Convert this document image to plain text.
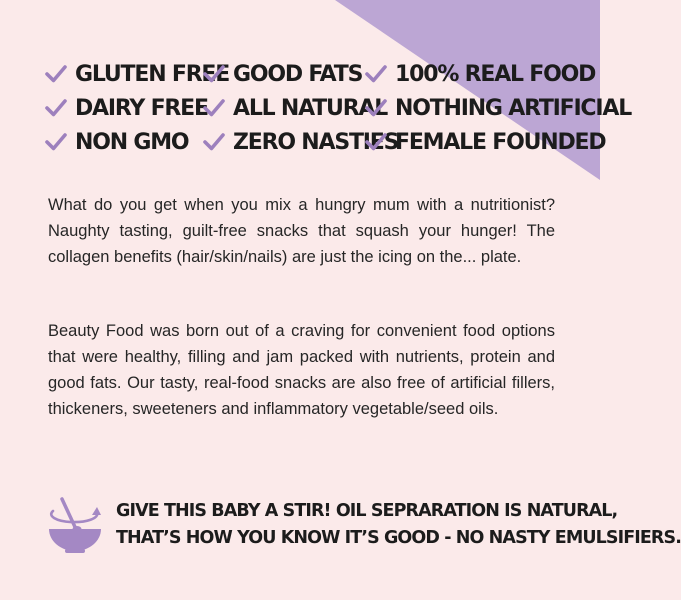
GLUTEN FREE GOOD FATS 100% REAL FOOD
DAIRY FREE ALL NATURAL NOTHING ARTIFICIAL
NON GMO ZERO NASTIES
FEMALE FOUNDED

What do you get when you mix a hungry mum with a nutritionist? Naughty tasting, guilt-free snacks that squash your hunger! The collagen benefits (hair/skin/nails) are just the icing on the... plate.

Beauty Food was born out of a craving for convenient food options that were healthy, filling and jam packed with nutrients, protein and good fats. Our tasty, real-food snacks are also free of artificial fillers, thickeners, sweeteners and inflammatory vegetable/seed oils.

GIVE THIS BABY A STIR! OIL SEPRARATION IS NATURAL,
THAT’S HOW YOU KNOW IT’S GOOD - NO NASTY EMULSIFIERS.
